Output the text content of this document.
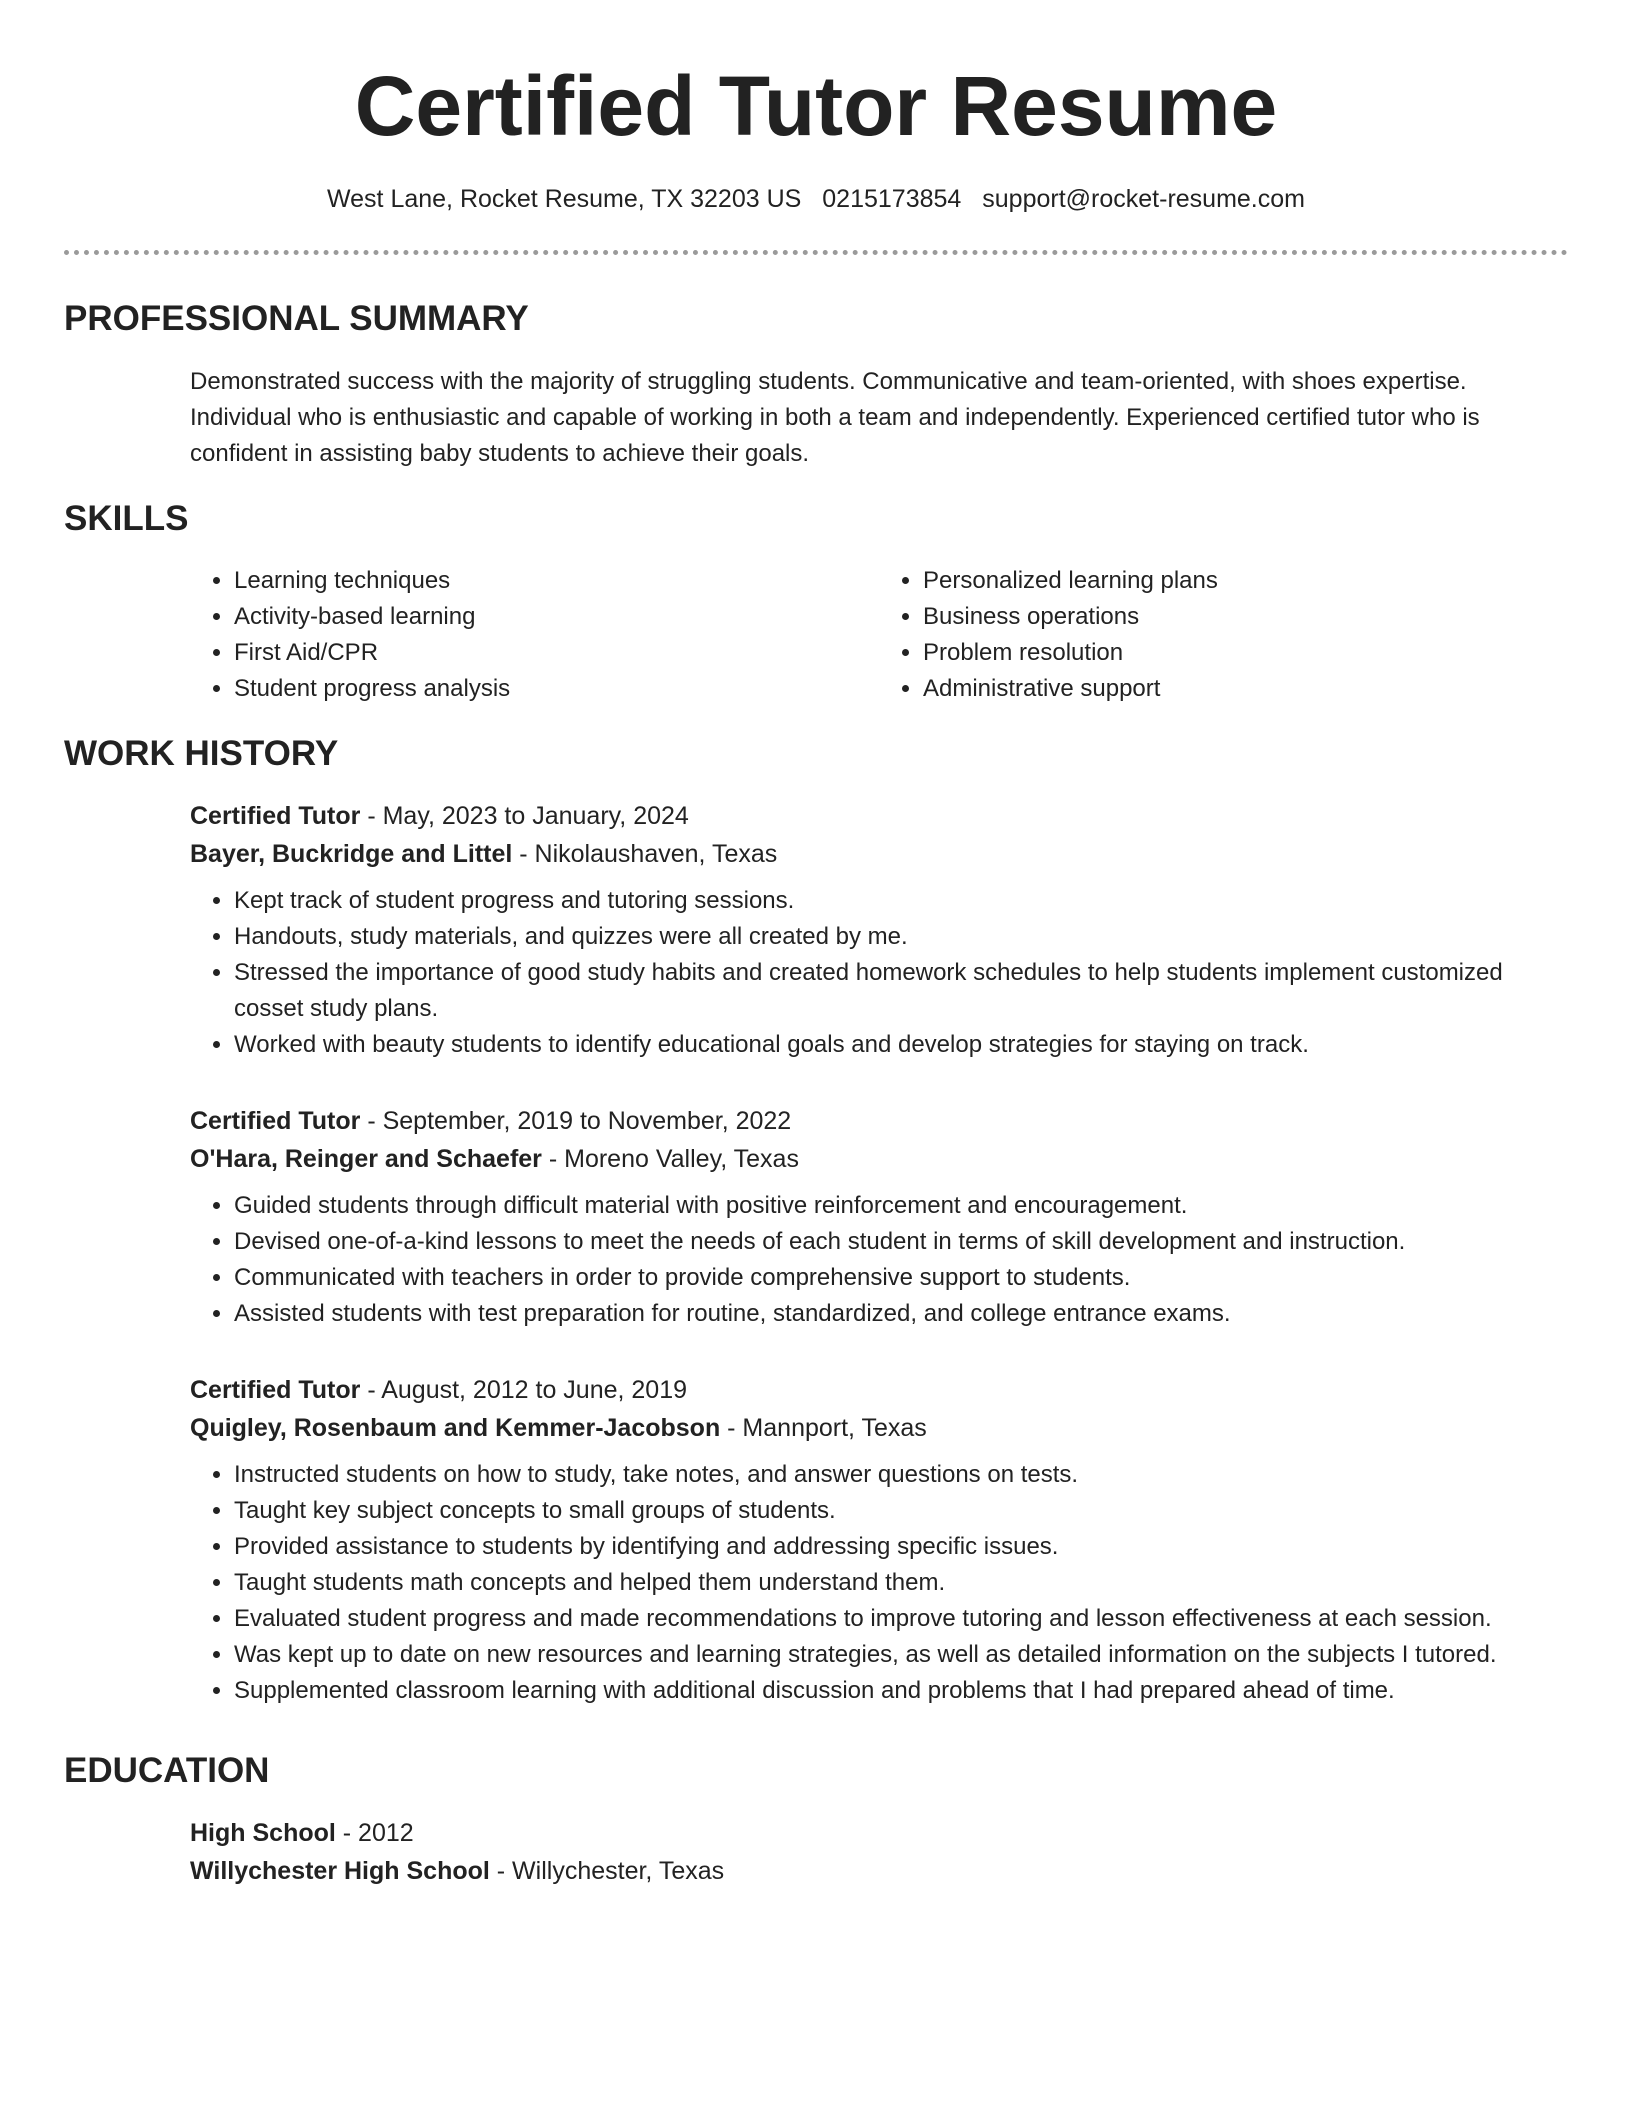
Certified Tutor Resume
West Lane, Rocket Resume, TX 32203 US 0215173854 support@rocket-resume.com
PROFESSIONAL SUMMARY

Demonstrated success with the majority of struggling students. Communicative and team-oriented, with shoes expertise. Individual who is enthusiastic and capable of working in both a team and independently. Experienced certified tutor who is confident in assisting baby students to achieve their goals.

SKILLS
• Learning techniques
• Activity-based learning
• First Aid/CPR
• Student progress analysis
• Personalized learning plans
• Business operations
• Problem resolution
• Administrative support
WORK HISTORY
Certified Tutor - May, 2023 to January, 2024
Bayer, Buckridge and Littel - Nikolaushaven, Texas
• Kept track of student progress and tutoring sessions.
• Handouts, study materials, and quizzes were all created by me.
• Stressed the importance of good study habits and created homework schedules to help students implement customized cosset study plans.
• Worked with beauty students to identify educational goals and develop strategies for staying on track.
Certified Tutor - September, 2019 to November, 2022
O'Hara, Reinger and Schaefer - Moreno Valley, Texas
• Guided students through difficult material with positive reinforcement and encouragement.
• Devised one-of-a-kind lessons to meet the needs of each student in terms of skill development and instruction.
• Communicated with teachers in order to provide comprehensive support to students.
• Assisted students with test preparation for routine, standardized, and college entrance exams.
Certified Tutor - August, 2012 to June, 2019
Quigley, Rosenbaum and Kemmer-Jacobson - Mannport, Texas
• Instructed students on how to study, take notes, and answer questions on tests.
• Taught key subject concepts to small groups of students.
• Provided assistance to students by identifying and addressing specific issues.
• Taught students math concepts and helped them understand them.
• Evaluated student progress and made recommendations to improve tutoring and lesson effectiveness at each session.
• Was kept up to date on new resources and learning strategies, as well as detailed information on the subjects I tutored.
• Supplemented classroom learning with additional discussion and problems that I had prepared ahead of time.
EDUCATION
High School - 2012
Willychester High School - Willychester, Texas
